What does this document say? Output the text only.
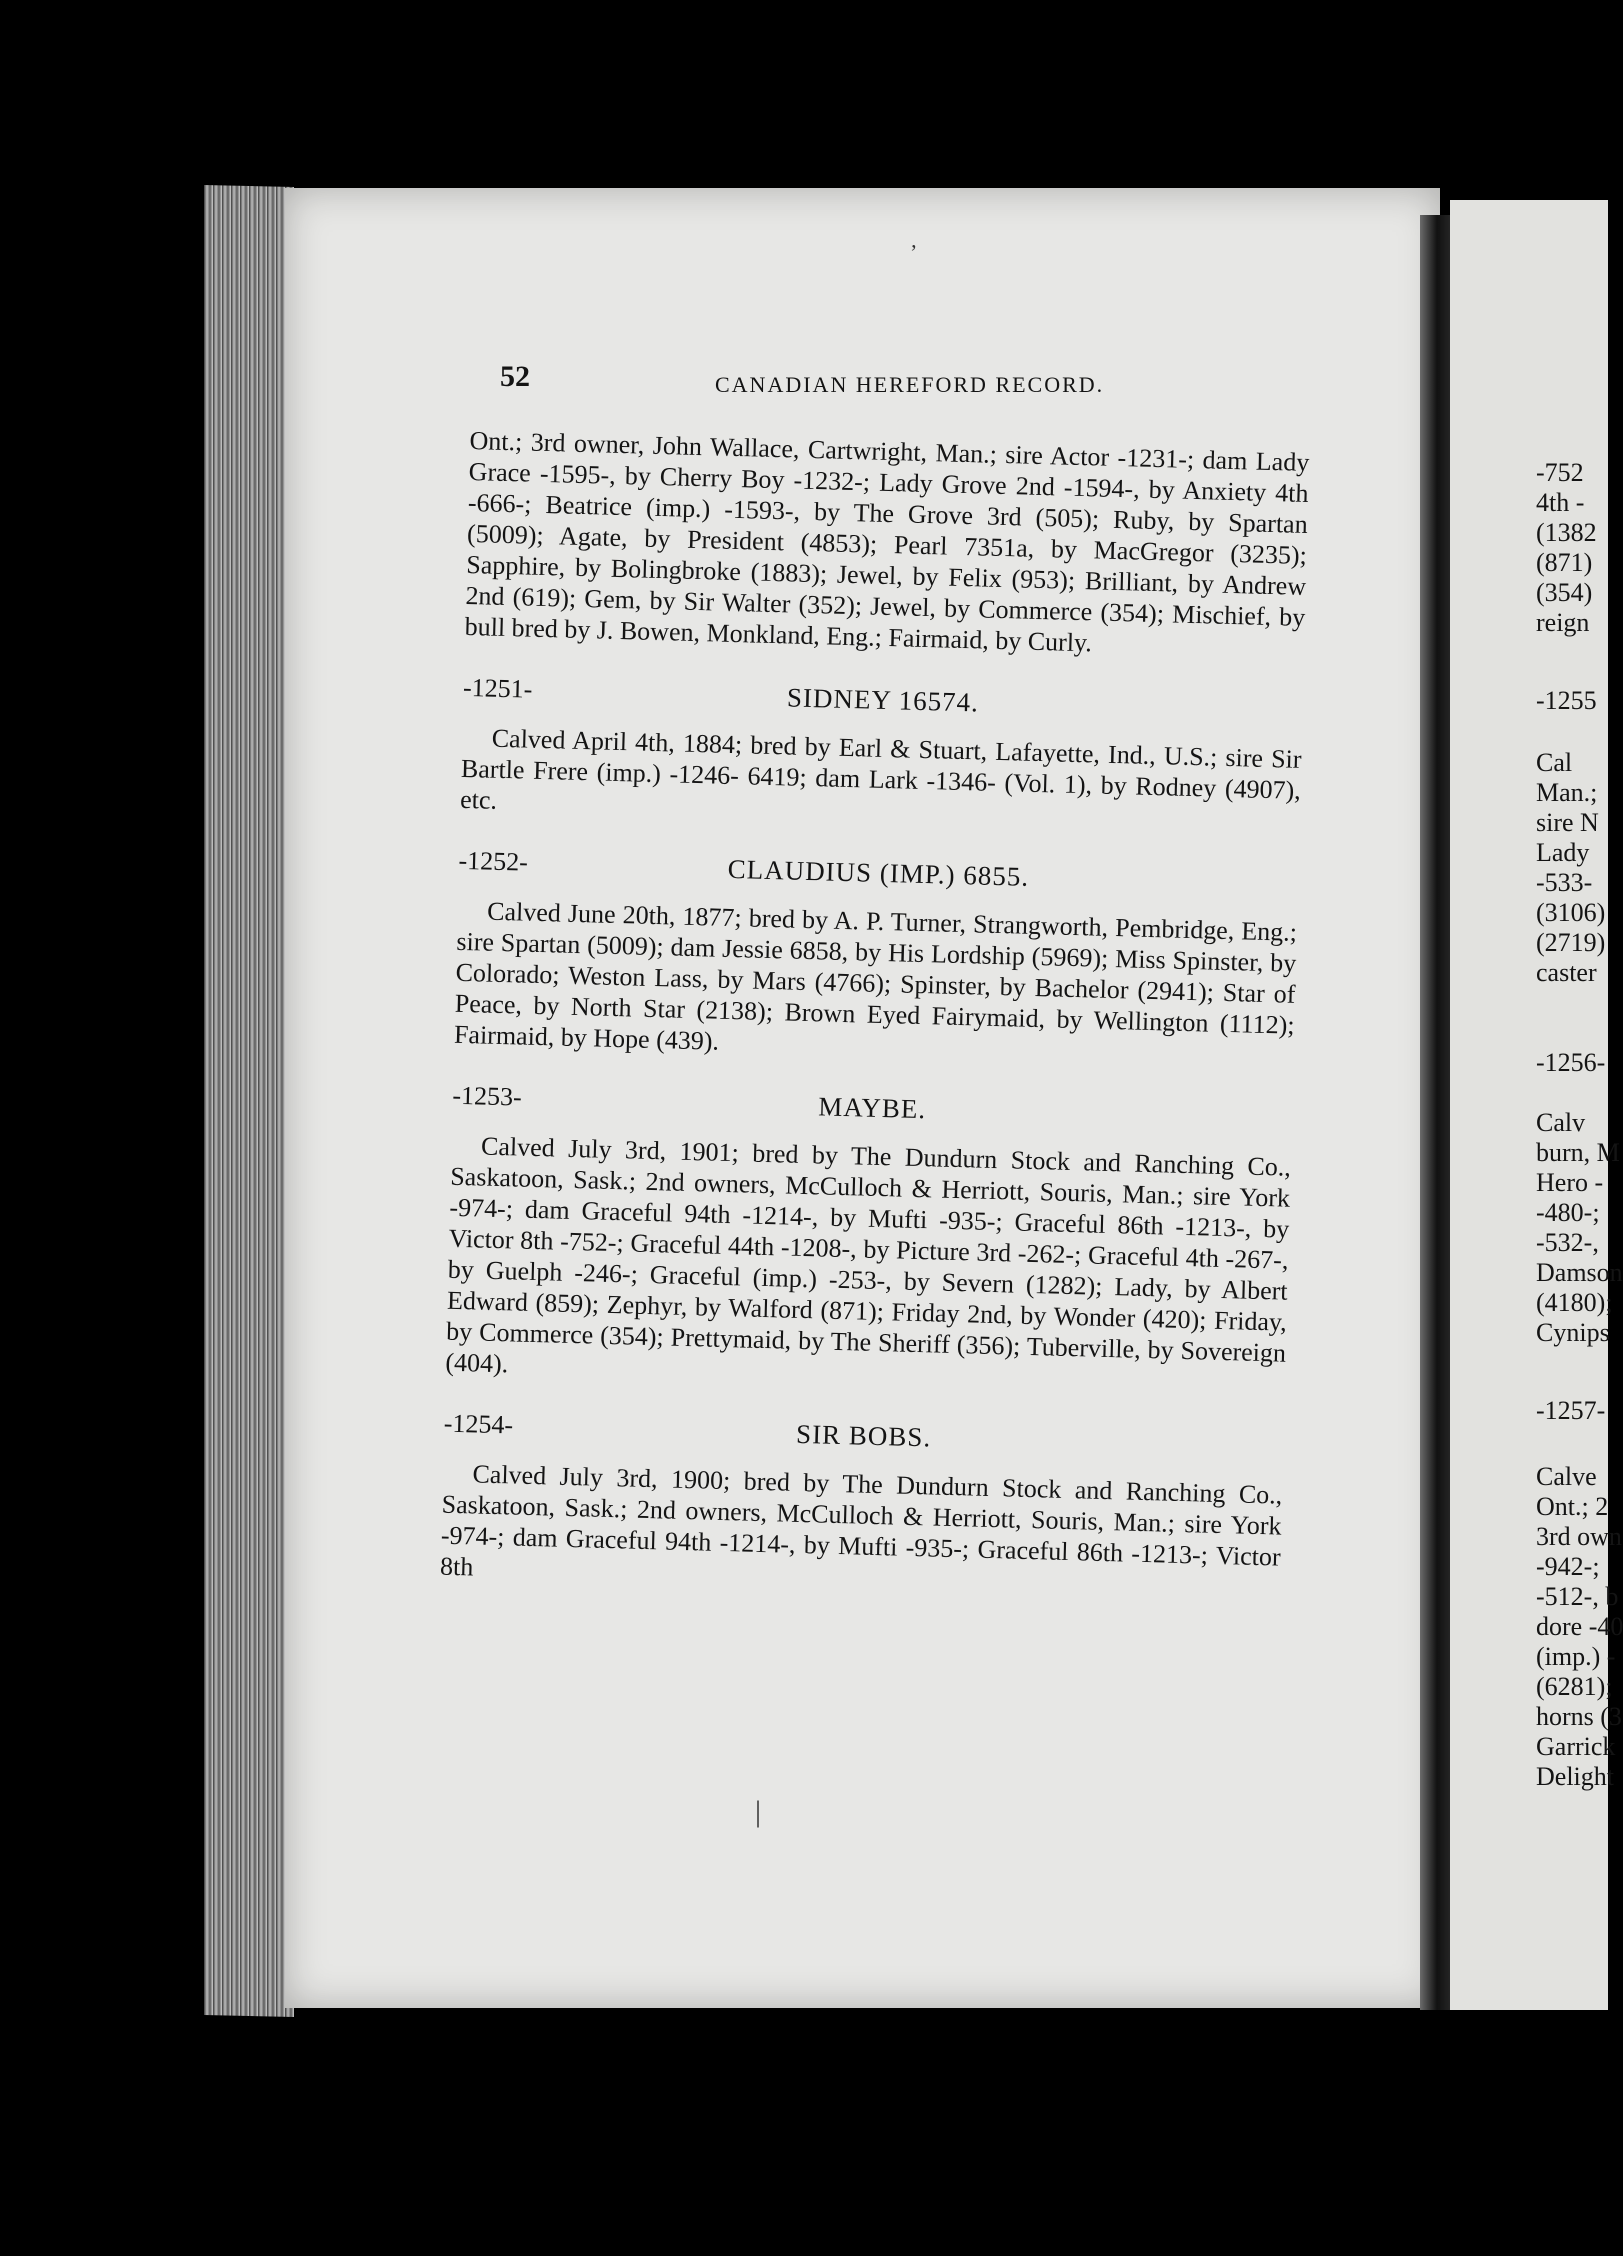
52	CANADIAN HEREFORD RECORD.

Ont.; 3rd owner, John Wallace, Cartwright, Man.; sire Actor -1231-; dam Lady Grace -1595-, by Cherry Boy -1232-; Lady Grove 2nd -1594-, by Anxiety 4th -666-; Beatrice (imp.) -1593-, by The Grove 3rd (505); Ruby, by Spartan (5009); Agate, by President (4853); Pearl 7351a, by MacGregor (3235); Sapphire, by Bolingbroke (1883); Jewel, by Felix (953); Brilliant, by Andrew 2nd (619); Gem, by Sir Walter (352); Jewel, by Commerce (354); Mischief, by bull bred by J. Bowen, Monkland, Eng.; Fairmaid, by Curly.

-1251-	SIDNEY 16574.

Calved April 4th, 1884; bred by Earl & Stuart, Lafayette, Ind., U.S.; sire Sir Bartle Frere (imp.) -1246- 6419; dam Lark -1346- (Vol. 1), by Rodney (4907), etc.

-1252-	CLAUDIUS (IMP.) 6855.

Calved June 20th, 1877; bred by A. P. Turner, Strangworth, Pembridge, Eng.; sire Spartan (5009); dam Jessie 6858, by His Lordship (5969); Miss Spinster, by Colorado; Weston Lass, by Mars (4766); Spinster, by Bachelor (2941); Star of Peace, by North Star (2138); Brown Eyed Fairymaid, by Wellington (1112); Fairmaid, by Hope (439).

-1253-	MAYBE.

Calved July 3rd, 1901; bred by The Dundurn Stock and Ranching Co., Saskatoon, Sask.; 2nd owners, McCulloch & Herriott, Souris, Man.; sire York -974-; dam Graceful 94th -1214-, by Mufti -935-; Graceful 86th -1213-, by Victor 8th -752-; Graceful 44th -1208-, by Picture 3rd -262-; Graceful 4th -267-, by Guelph -246-; Graceful (imp.) -253-, by Severn (1282); Lady, by Albert Edward (859); Zephyr, by Walford (871); Friday 2nd, by Wonder (420); Friday, by Commerce (354); Prettymaid, by The Sheriff (356); Tuberville, by Sovereign (404).

-1254-	SIR BOBS.

Calved July 3rd, 1900; bred by The Dundurn Stock and Ranching Co., Saskatoon, Sask.; 2nd owners, McCulloch & Herriott, Souris, Man.; sire York -974-; dam Graceful 94th -1214-, by Mufti -935-; Graceful 86th -1213-; Victor 8th

-752
4th -
(1382
(871)
(354)
reign
-1255
Cal
Man.;
sire N
Lady
-533-
(3106)
(2719)
caster
-1256-
Calv
burn, M
Hero -
-480-;
-532-,
Damson
(4180);
Cynips
-1257-
Calve
Ont.; 2
3rd own
-942-;
-512-, b
dore -40
(imp.) -
(6281);
horns (3
Garrick
Delight
|
ʼ
